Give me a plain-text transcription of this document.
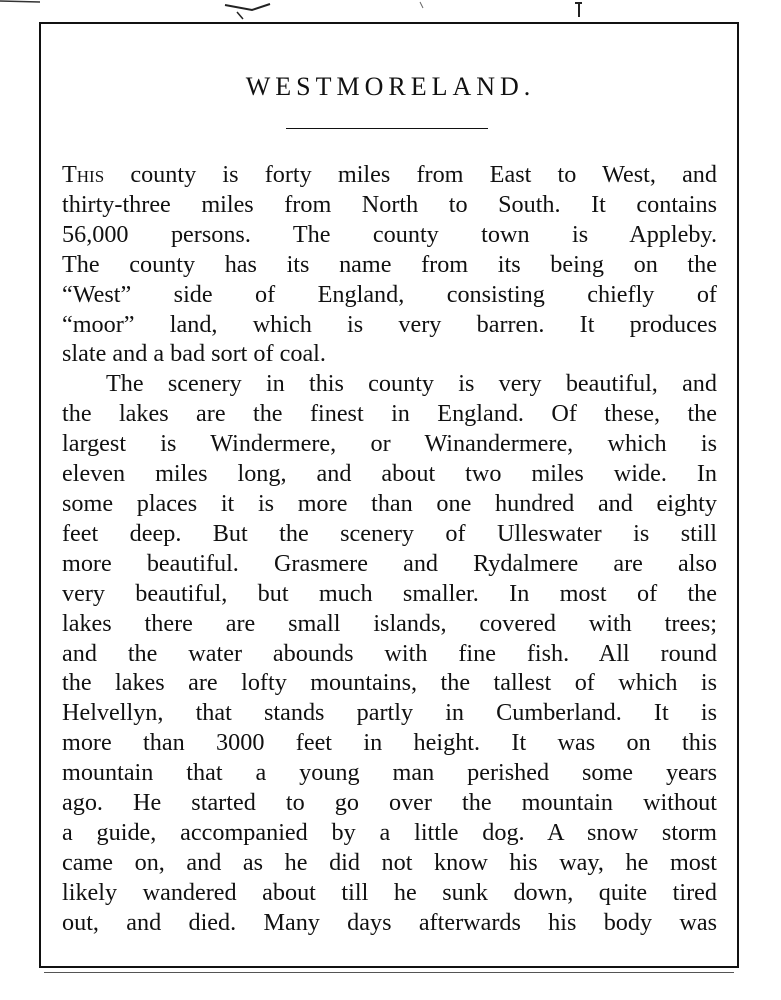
WESTMORELAND.
This county is forty miles from East to West, and
thirty-three miles from North to South. It contains
56,000 persons. The county town is Appleby.
The county has its name from its being on the
“West” side of England, consisting chiefly of
“moor” land, which is very barren. It produces
slate and a bad sort of coal.
The scenery in this county is very beautiful, and
the lakes are the finest in England. Of these, the
largest is Windermere, or Winandermere, which is
eleven miles long, and about two miles wide. In
some places it is more than one hundred and eighty
feet deep. But the scenery of Ulleswater is still
more beautiful. Grasmere and Rydalmere are also
very beautiful, but much smaller. In most of the
lakes there are small islands, covered with trees;
and the water abounds with fine fish. All round
the lakes are lofty mountains, the tallest of which is
Helvellyn, that stands partly in Cumberland. It is
more than 3000 feet in height. It was on this
mountain that a young man perished some years
ago. He started to go over the mountain without
a guide, accompanied by a little dog. A snow storm
came on, and as he did not know his way, he most
likely wandered about till he sunk down, quite tired
out, and died. Many days afterwards his body was
